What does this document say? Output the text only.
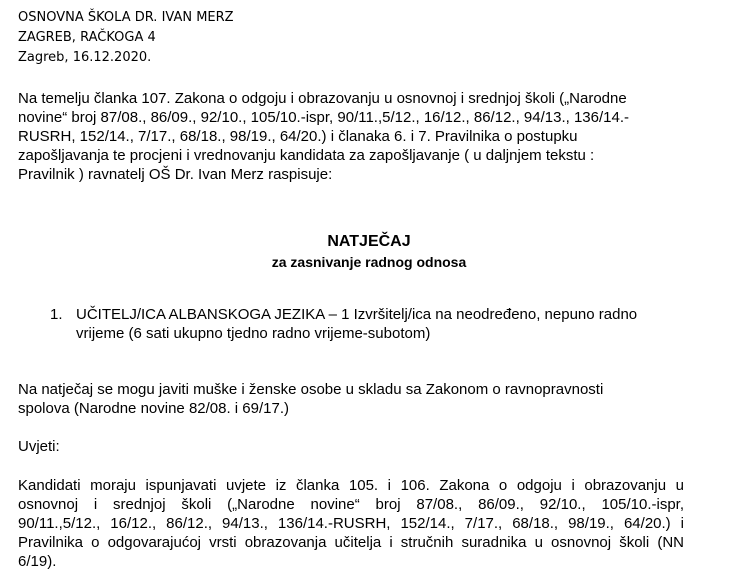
OSNOVNA ŠKOLA DR. IVAN MERZ
ZAGREB, RAČKOGA 4
Zagreb, 16.12.2020.
Na temelju članka 107. Zakona o odgoju i obrazovanju u osnovnoj i srednjoj školi („Narodne
novine“ broj 87/08., 86/09., 92/10., 105/10.-ispr, 90/11.,5/12., 16/12., 86/12., 94/13., 136/14.-
RUSRH, 152/14., 7/17., 68/18., 98/19., 64/20.) i članaka 6. i 7. Pravilnika o postupku
zapošljavanja te procjeni i vrednovanju kandidata za zapošljavanje ( u daljnjem tekstu :
Pravilnik ) ravnatelj OŠ Dr. Ivan Merz raspisuje:
NATJEČAJ
za zasnivanje radnog odnosa
1. UČITELJ/ICA ALBANSKOGA JEZIKA – 1 Izvršitelj/ica na neodređeno, nepuno radno
vrijeme (6 sati ukupno tjedno radno vrijeme-subotom)
Na natječaj se mogu javiti muške i ženske osobe u skladu sa Zakonom o ravnopravnosti
spolova (Narodne novine 82/08. i 69/17.)
Uvjeti:
Kandidati moraju ispunjavati uvjete iz članka 105. i 106. Zakona o odgoju i obrazovanju u
osnovnoj i srednjoj školi („Narodne novine“ broj 87/08., 86/09., 92/10., 105/10.-ispr,
90/11.,5/12., 16/12., 86/12., 94/13., 136/14.-RUSRH, 152/14., 7/17., 68/18., 98/19., 64/20.) i
Pravilnika o odgovarajućoj vrsti obrazovanja učitelja i stručnih suradnika u osnovnoj školi (NN
6/19).
